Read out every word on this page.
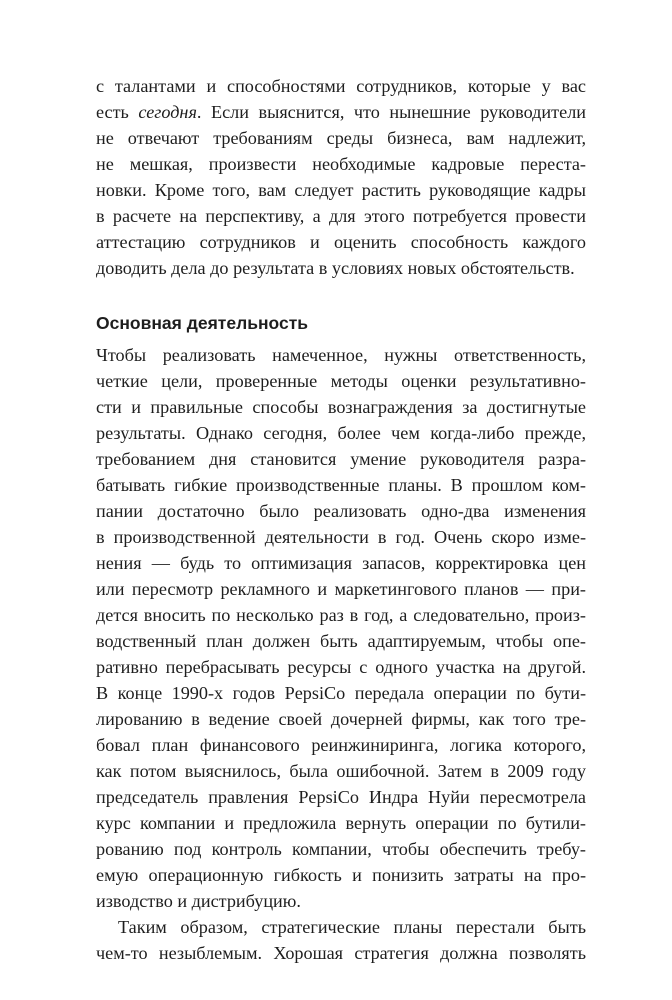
с талантами и способностями сотрудников, которые у вас

есть сегодня. Если выяснится, что нынешние руководители

не отвечают требованиям среды бизнеса, вам надлежит,

не мешкая, произвести необходимые кадровые переста-

новки. Кроме того, вам следует растить руководящие кадры

в расчете на перспективу, а для этого потребуется провести

аттестацию сотрудников и оценить способность каждого

доводить дела до результата в условиях новых обстоятельств.

Основная деятельность

Чтобы реализовать намеченное, нужны ответственность,

четкие цели, проверенные методы оценки результативно-

сти и правильные способы вознаграждения за достигнутые

результаты. Однако сегодня, более чем когда-либо прежде,

требованием дня становится умение руководителя разра-

батывать гибкие производственные планы. В прошлом ком-

пании достаточно было реализовать одно-два изменения

в производственной деятельности в год. Очень скоро изме-

нения — будь то оптимизация запасов, корректировка цен

или пересмотр рекламного и маркетингового планов — при-

дется вносить по несколько раз в год, а следовательно, произ-

водственный план должен быть адаптируемым, чтобы опе-

ративно перебрасывать ресурсы с одного участка на другой.

В конце 1990-х годов PepsiCo передала операции по бути-

лированию в ведение своей дочерней фирмы, как того тре-

бовал план финансового реинжиниринга, логика которого,

как потом выяснилось, была ошибочной. Затем в 2009 году

председатель правления PepsiCo Индра Нуйи пересмотрела

курс компании и предложила вернуть операции по бутили-

рованию под контроль компании, чтобы обеспечить требу-

емую операционную гибкость и понизить затраты на про-

изводство и дистрибуцию.

Таким образом, стратегические планы перестали быть

чем-то незыблемым. Хорошая стратегия должна позволять
